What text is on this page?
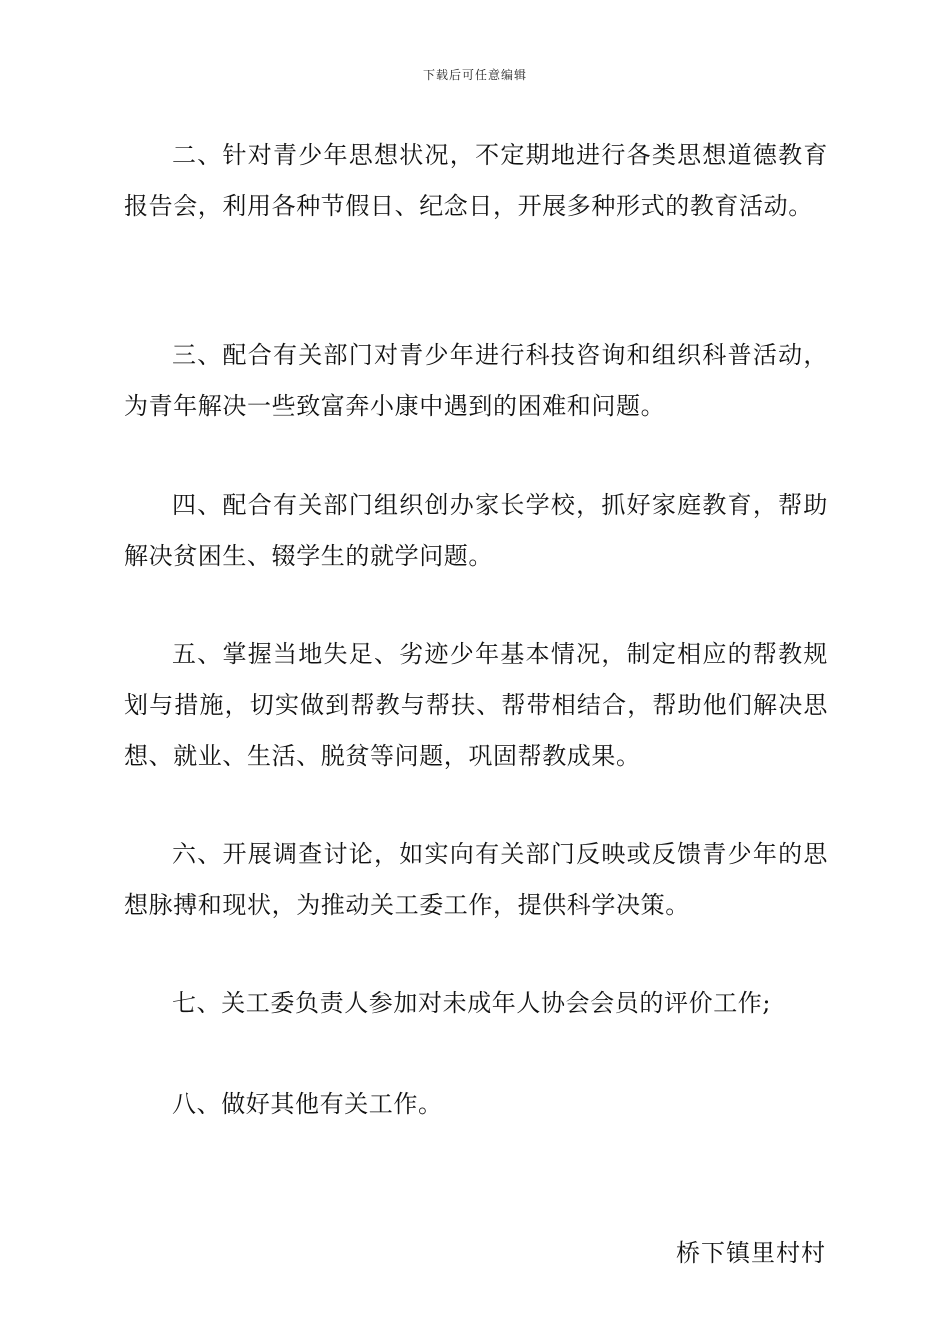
下载后可任意编辑

二、针对青少年思想状况，不定期地进行各类思想道德教育报告会，利用各种节假日、纪念日，开展多种形式的教育活动。

三、配合有关部门对青少年进行科技咨询和组织科普活动，为青年解决一些致富奔小康中遇到的困难和问题。

四、配合有关部门组织创办家长学校，抓好家庭教育，帮助解决贫困生、辍学生的就学问题。

五、掌握当地失足、劣迹少年基本情况，制定相应的帮教规划与措施，切实做到帮教与帮扶、帮带相结合，帮助他们解决思想、就业、生活、脱贫等问题，巩固帮教成果。

六、开展调查讨论，如实向有关部门反映或反馈青少年的思想脉搏和现状，为推动关工委工作，提供科学决策。

七、关工委负责人参加对未成年人协会会员的评价工作;

八、做好其他有关工作。

桥下镇里村村
